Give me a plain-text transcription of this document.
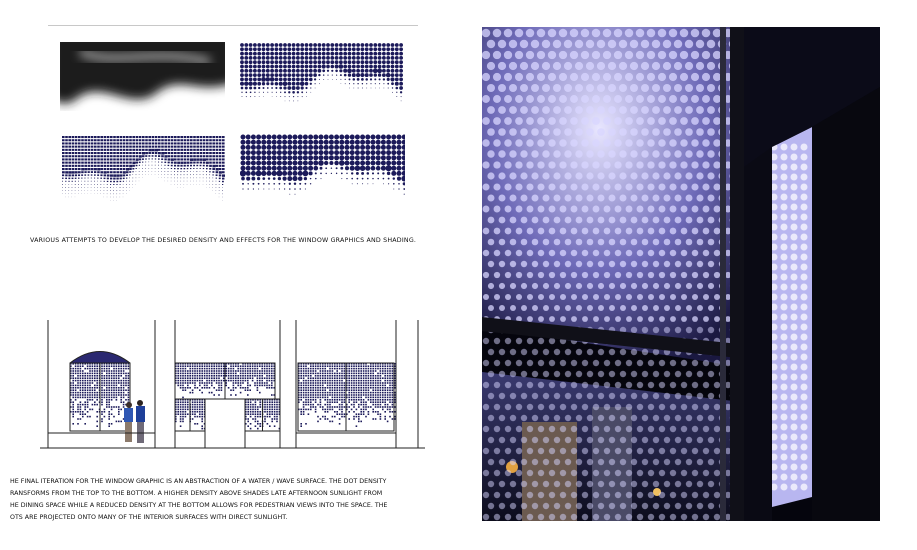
VARIOUS ATTEMPTS TO DEVELOP THE DESIRED DENSITY AND EFFECTS FOR THE WINDOW GRAPHICS AND SHADING.
HE FINAL ITERATION FOR THE WINDOW GRAPHIC IS AN ABSTRACTION OF A WATER / WAVE SURFACE. THE DOT DENSITY
RANSFORMS FROM THE TOP TO THE BOTTOM. A HIGHER DENSITY ABOVE SHADES LATE AFTERNOON SUNLIGHT FROM
HE DINING SPACE WHILE A REDUCED DENSITY AT THE BOTTOM ALLOWS FOR PEDESTRIAN VIEWS INTO THE SPACE. THE
OTS ARE PROJECTED ONTO MANY OF THE INTERIOR SURFACES WITH DIRECT SUNLIGHT.
